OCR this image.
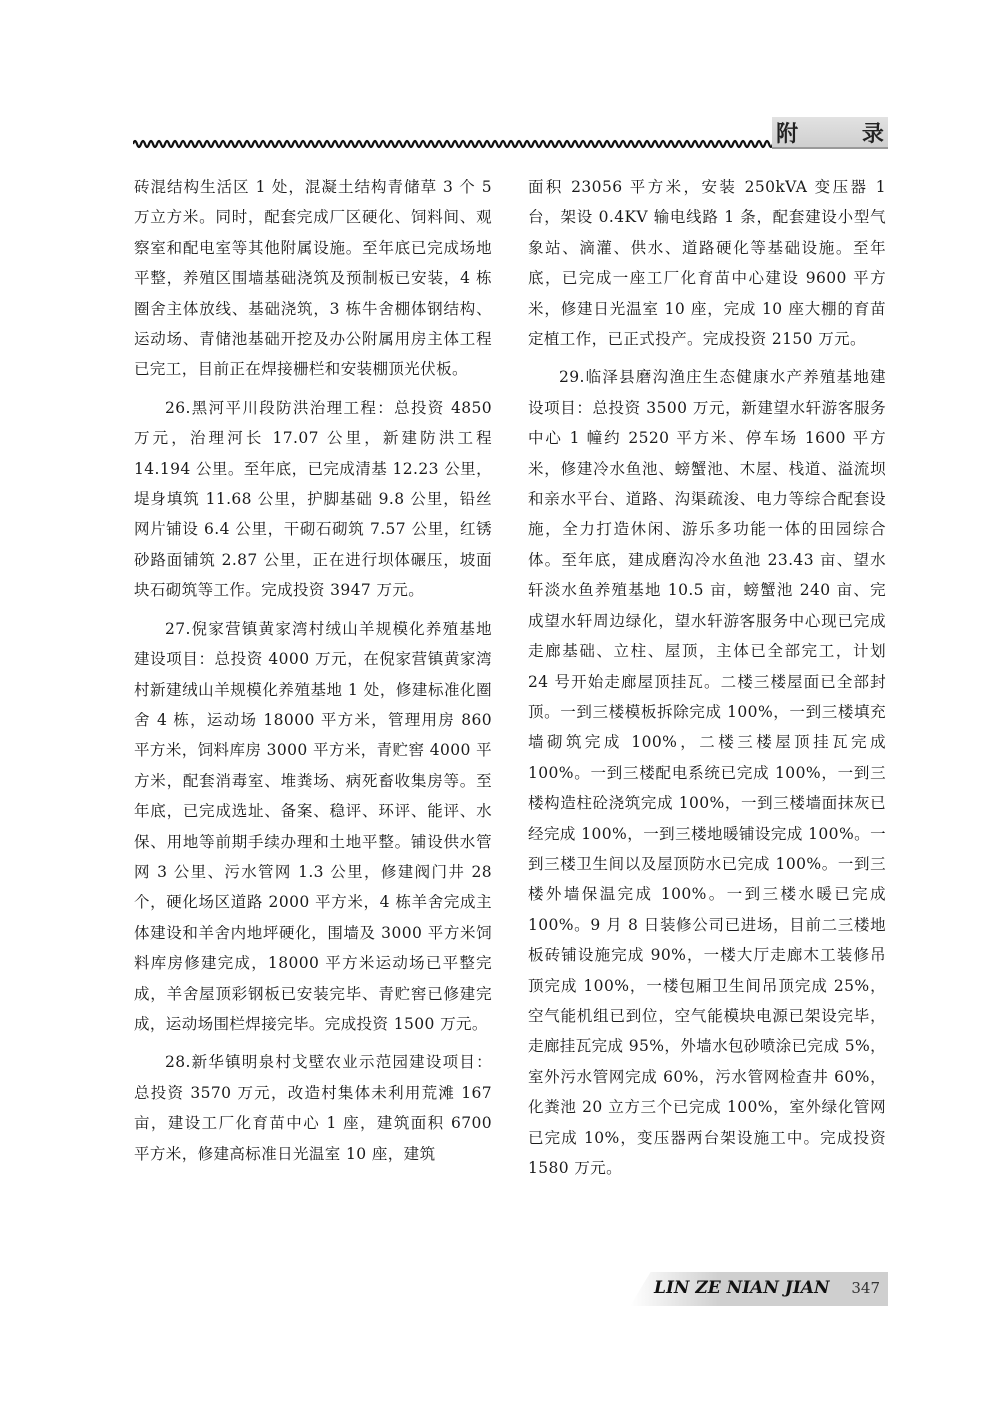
附 录

砖混结构生活区 1 处，混凝土结构青储草 3 个 5 万立方米。同时，配套完成厂区硬化、饲料间、观察室和配电室等其他附属设施。至年底已完成场地平整，养殖区围墙基础浇筑及预制板已安装，4 栋圈舍主体放线、基础浇筑，3 栋牛舍棚体钢结构、运动场、青储池基础开挖及办公附属用房主体工程已完工，目前正在焊接栅栏和安装棚顶光伏板。

26.黑河平川段防洪治理工程：总投资 4850 万元，治理河长 17.07 公里，新建防洪工程 14.194 公里。至年底，已完成清基 12.23 公里，堤身填筑 11.68 公里，护脚基础 9.8 公里，铅丝网片铺设 6.4 公里，干砌石砌筑 7.57 公里，红锈砂路面铺筑 2.87 公里，正在进行坝体碾压，坡面块石砌筑等工作。完成投资 3947 万元。

27.倪家营镇黄家湾村绒山羊规模化养殖基地建设项目：总投资 4000 万元，在倪家营镇黄家湾村新建绒山羊规模化养殖基地 1 处，修建标准化圈舍 4 栋，运动场 18000 平方米，管理用房 860 平方米，饲料库房 3000 平方米，青贮窖 4000 平方米，配套消毒室、堆粪场、病死畜收集房等。至年底，已完成选址、备案、稳评、环评、能评、水保、用地等前期手续办理和土地平整。铺设供水管网 3 公里、污水管网 1.3 公里，修建阀门井 28 个，硬化场区道路 2000 平方米，4 栋羊舍完成主体建设和羊舍内地坪硬化，围墙及 3000 平方米饲料库房修建完成，18000 平方米运动场已平整完成，羊舍屋顶彩钢板已安装完毕、青贮窖已修建完成，运动场围栏焊接完毕。完成投资 1500 万元。

28.新华镇明泉村戈壁农业示范园建设项目：总投资 3570 万元，改造村集体未利用荒滩 167 亩，建设工厂化育苗中心 1 座，建筑面积 6700 平方米，修建高标准日光温室 10 座，建筑

面积 23056 平方米，安装 250kVA 变压器 1 台，架设 0.4KV 输电线路 1 条，配套建设小型气象站、滴灌、供水、道路硬化等基础设施。至年底，已完成一座工厂化育苗中心建设 9600 平方米，修建日光温室 10 座，完成 10 座大棚的育苗定植工作，已正式投产。完成投资 2150 万元。

29.临泽县磨沟渔庄生态健康水产养殖基地建设项目：总投资 3500 万元，新建望水轩游客服务中心 1 幢约 2520 平方米、停车场 1600 平方米，修建冷水鱼池、螃蟹池、木屋、栈道、溢流坝和亲水平台、道路、沟渠疏浚、电力等综合配套设施，全力打造休闲、游乐多功能一体的田园综合体。至年底，建成磨沟冷水鱼池 23.43 亩、望水轩淡水鱼养殖基地 10.5 亩，螃蟹池 240 亩、完成望水轩周边绿化，望水轩游客服务中心现已完成走廊基础、立柱、屋顶，主体已全部完工，计划 24 号开始走廊屋顶挂瓦。二楼三楼屋面已全部封顶。一到三楼模板拆除完成 100%，一到三楼填充墙砌筑完成 100%，二楼三楼屋顶挂瓦完成 100%。一到三楼配电系统已完成 100%，一到三楼构造柱砼浇筑完成 100%，一到三楼墙面抹灰已经完成 100%，一到三楼地暖铺设完成 100%。一到三楼卫生间以及屋顶防水已完成 100%。一到三楼外墙保温完成 100%。一到三楼水暖已完成 100%。9 月 8 日装修公司已进场，目前二三楼地板砖铺设施完成 90%，一楼大厅走廊木工装修吊顶完成 100%，一楼包厢卫生间吊顶完成 25%，空气能机组已到位，空气能模块电源已架设完毕，走廊挂瓦完成 95%，外墙水包砂喷涂已完成 5%，室外污水管网完成 60%，污水管网检查井 60%，化粪池 20 立方三个已完成 100%，室外绿化管网已完成 10%，变压器两台架设施工中。完成投资 1580 万元。

LIN ZE NIAN JIAN 347
